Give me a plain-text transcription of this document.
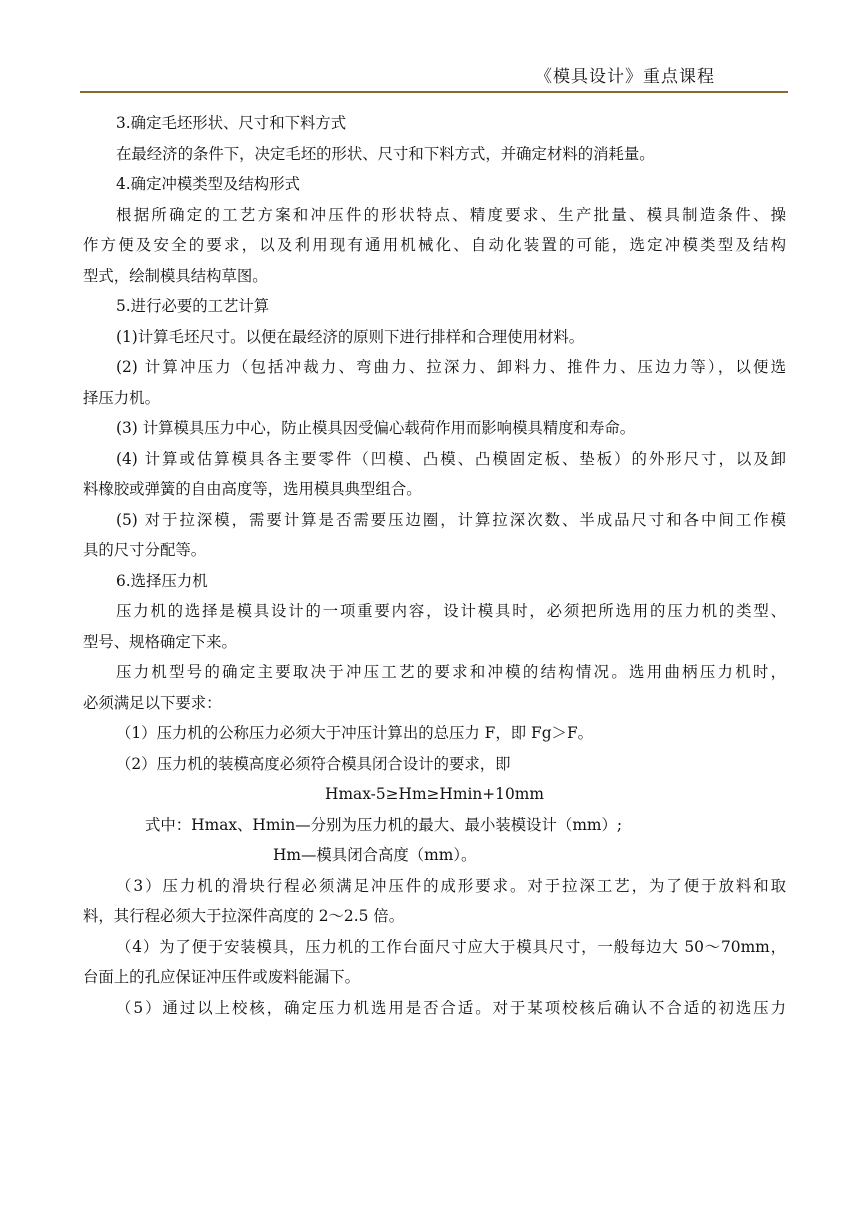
《模具设计》重点课程
3.确定毛坯形状、尺寸和下料方式
在最经济的条件下，决定毛坯的形状、尺寸和下料方式，并确定材料的消耗量。
4.确定冲模类型及结构形式
根据所确定的工艺方案和冲压件的形状特点、精度要求、生产批量、模具制造条件、操
作方便及安全的要求，以及利用现有通用机械化、自动化装置的可能，选定冲模类型及结构
型式，绘制模具结构草图。
5.进行必要的工艺计算
(1)计算毛坯尺寸。以便在最经济的原则下进行排样和合理使用材料。
(2) 计算冲压力（包括冲裁力、弯曲力、拉深力、卸料力、推件力、压边力等），以便选
择压力机。
(3) 计算模具压力中心，防止模具因受偏心载荷作用而影响模具精度和寿命。
(4) 计算或估算模具各主要零件（凹模、凸模、凸模固定板、垫板）的外形尺寸，以及卸
料橡胶或弹簧的自由高度等，选用模具典型组合。
(5) 对于拉深模，需要计算是否需要压边圈，计算拉深次数、半成品尺寸和各中间工作模
具的尺寸分配等。
6.选择压力机
压力机的选择是模具设计的一项重要内容，设计模具时，必须把所选用的压力机的类型、
型号、规格确定下来。
压力机型号的确定主要取决于冲压工艺的要求和冲模的结构情况。选用曲柄压力机时，
必须满足以下要求：
（1）压力机的公称压力必须大于冲压计算出的总压力 F，即 Fg＞F。
（2）压力机的装模高度必须符合模具闭合设计的要求，即
Hmax-5≥Hm≥Hmin+10mm
式中：Hmax、Hmin—分别为压力机的最大、最小装模设计（mm）;
Hm—模具闭合高度（mm）。
（3）压力机的滑块行程必须满足冲压件的成形要求。对于拉深工艺，为了便于放料和取
料，其行程必须大于拉深件高度的 2～2.5 倍。
（4）为了便于安装模具，压力机的工作台面尺寸应大于模具尺寸，一般每边大 50～70mm，
台面上的孔应保证冲压件或废料能漏下。
（5）通过以上校核，确定压力机选用是否合适。对于某项校核后确认不合适的初选压力
